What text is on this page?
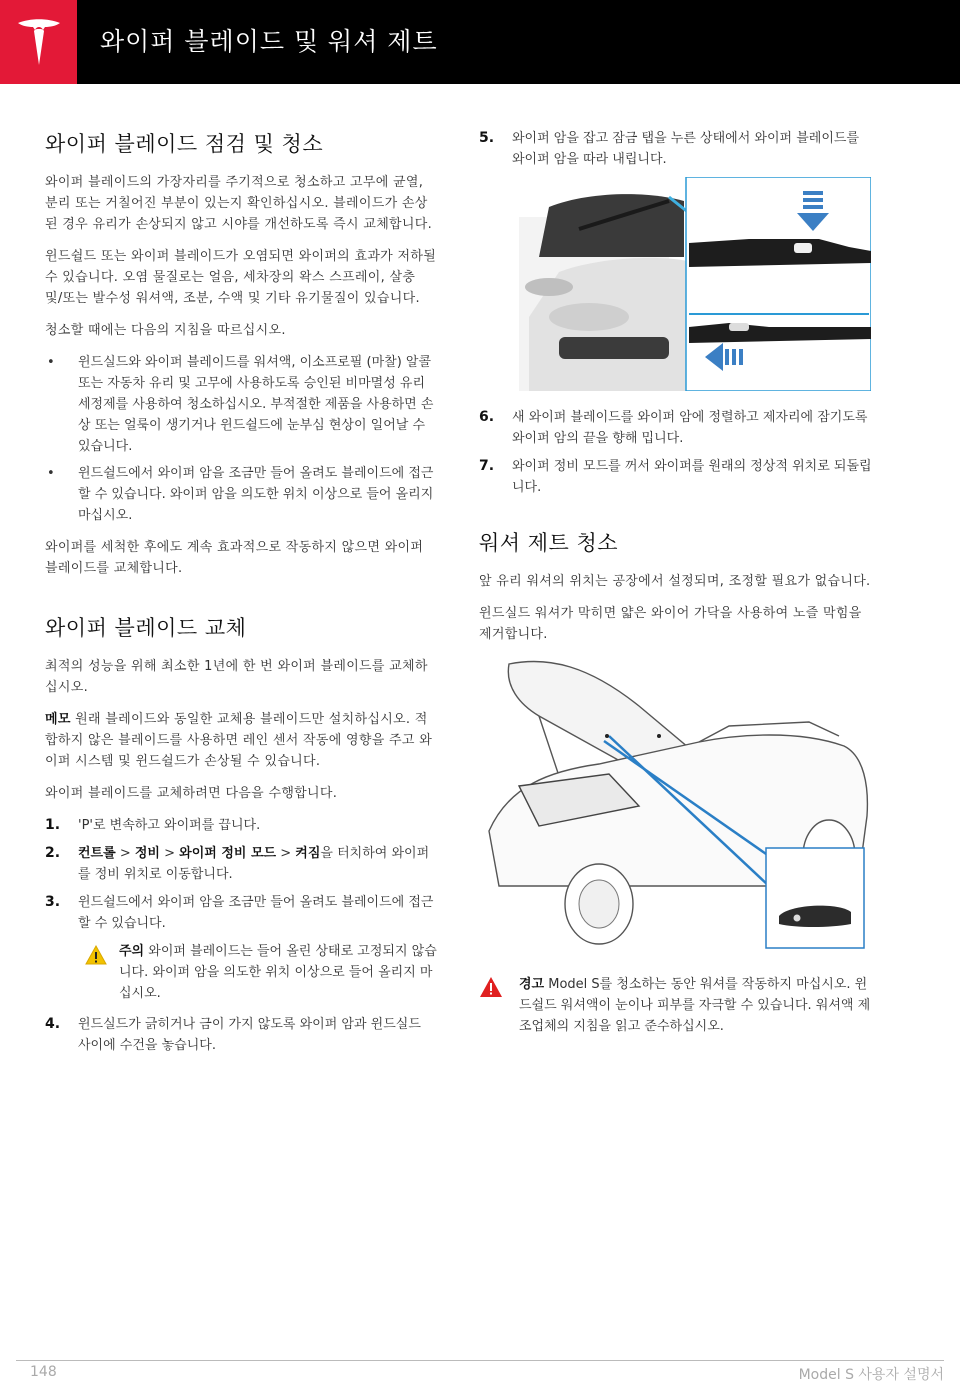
와이퍼 블레이드 및 워셔 제트
와이퍼 블레이드 점검 및 청소

와이퍼 블레이드의 가장자리를 주기적으로 청소하고 고무에 균열, 분리 또는 거칠어진 부분이 있는지 확인하십시오. 블레이드가 손상된 경우 유리가 손상되지 않고 시야를 개선하도록 즉시 교체합니다.

윈드쉴드 또는 와이퍼 블레이드가 오염되면 와이퍼의 효과가 저하될 수 있습니다. 오염 물질로는 얼음, 세차장의 왁스 스프레이, 살충 및/또는 발수성 워셔액, 조분, 수액 및 기타 유기물질이 있습니다.

청소할 때에는 다음의 지침을 따르십시오.

• 윈드실드와 와이퍼 블레이드를 워셔액, 이소프로필 (마찰) 알콜 또는 자동차 유리 및 고무에 사용하도록 승인된 비마멸성 유리 세정제를 사용하여 청소하십시오. 부적절한 제품을 사용하면 손상 또는 얼룩이 생기거나 윈드쉴드에 눈부심 현상이 일어날 수 있습니다.
• 윈드쉴드에서 와이퍼 암을 조금만 들어 올려도 블레이드에 접근할 수 있습니다. 와이퍼 암을 의도한 위치 이상으로 들어 올리지 마십시오.

와이퍼를 세척한 후에도 계속 효과적으로 작동하지 않으면 와이퍼 블레이드를 교체합니다.

와이퍼 블레이드 교체

최적의 성능을 위해 최소한 1년에 한 번 와이퍼 블레이드를 교체하십시오.

메모 원래 블레이드와 동일한 교체용 블레이드만 설치하십시오. 적합하지 않은 블레이드를 사용하면 레인 센서 작동에 영향을 주고 와이퍼 시스템 및 윈드쉴드가 손상될 수 있습니다.

와이퍼 블레이드를 교체하려면 다음을 수행합니다.

1. 'P'로 변속하고 와이퍼를 끕니다.
2. 컨트롤 > 정비 > 와이퍼 정비 모드 > 켜짐을 터치하여 와이퍼를 정비 위치로 이동합니다.
3. 윈드쉴드에서 와이퍼 암을 조금만 들어 올려도 블레이드에 접근할 수 있습니다.
주의 와이퍼 블레이드는 들어 올린 상태로 고정되지 않습니다. 와이퍼 암을 의도한 위치 이상으로 들어 올리지 마십시오.
4. 윈드실드가 긁히거나 금이 가지 않도록 와이퍼 암과 윈드실드 사이에 수건을 놓습니다.
5. 와이퍼 암을 잡고 잠금 탭을 누른 상태에서 와이퍼 블레이드를 와이퍼 암을 따라 내립니다.
6. 새 와이퍼 블레이드를 와이퍼 암에 정렬하고 제자리에 잠기도록 와이퍼 암의 끝을 향해 밉니다.
7. 와이퍼 정비 모드를 꺼서 와이퍼를 원래의 정상적 위치로 되돌립니다.
워셔 제트 청소

앞 유리 워셔의 위치는 공장에서 설정되며, 조정할 필요가 없습니다.

윈드실드 워셔가 막히면 얇은 와이어 가닥을 사용하여 노즐 막힘을 제거합니다.

경고 Model S를 청소하는 동안 워셔를 작동하지 마십시오. 윈드쉴드 워셔액이 눈이나 피부를 자극할 수 있습니다. 워셔액 제조업체의 지침을 읽고 준수하십시오.
148	Model S 사용자 설명서
